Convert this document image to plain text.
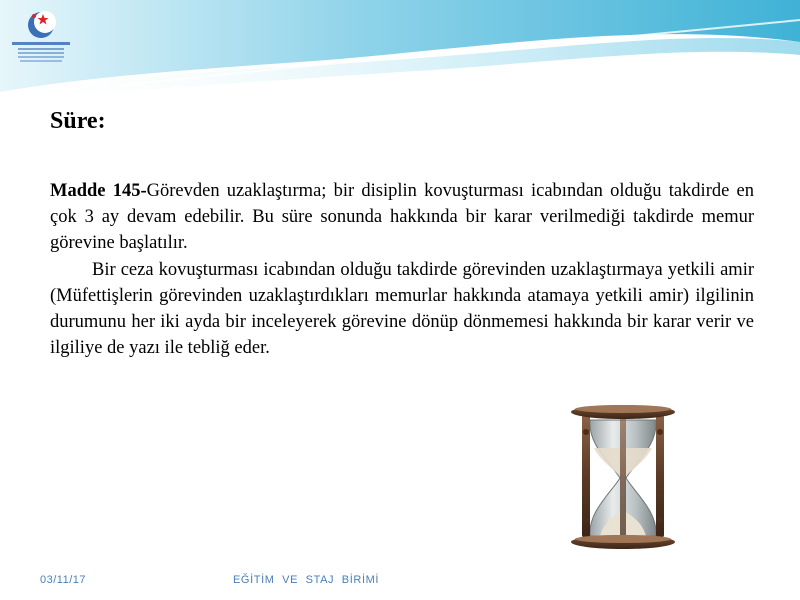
Süre:

Madde 145-Görevden uzaklaştırma; bir disiplin kovuşturması icabından olduğu takdirde en çok 3 ay devam edebilir. Bu süre sonunda hakkında bir karar verilmediği takdirde memur görevine başlatılır.

Bir ceza kovuşturması icabından olduğu takdirde görevinden uzaklaştırmaya yetkili amir (Müfettişlerin görevinden uzaklaştırdıkları memurlar hakkında atamaya yetkili amir) ilgilinin durumunu her iki ayda bir inceleyerek görevine dönüp dönmemesi hakkında bir karar verir ve ilgiliye de yazı ile tebliğ eder.

03/11/17	EĞİTİM VE STAJ BİRİMİ
